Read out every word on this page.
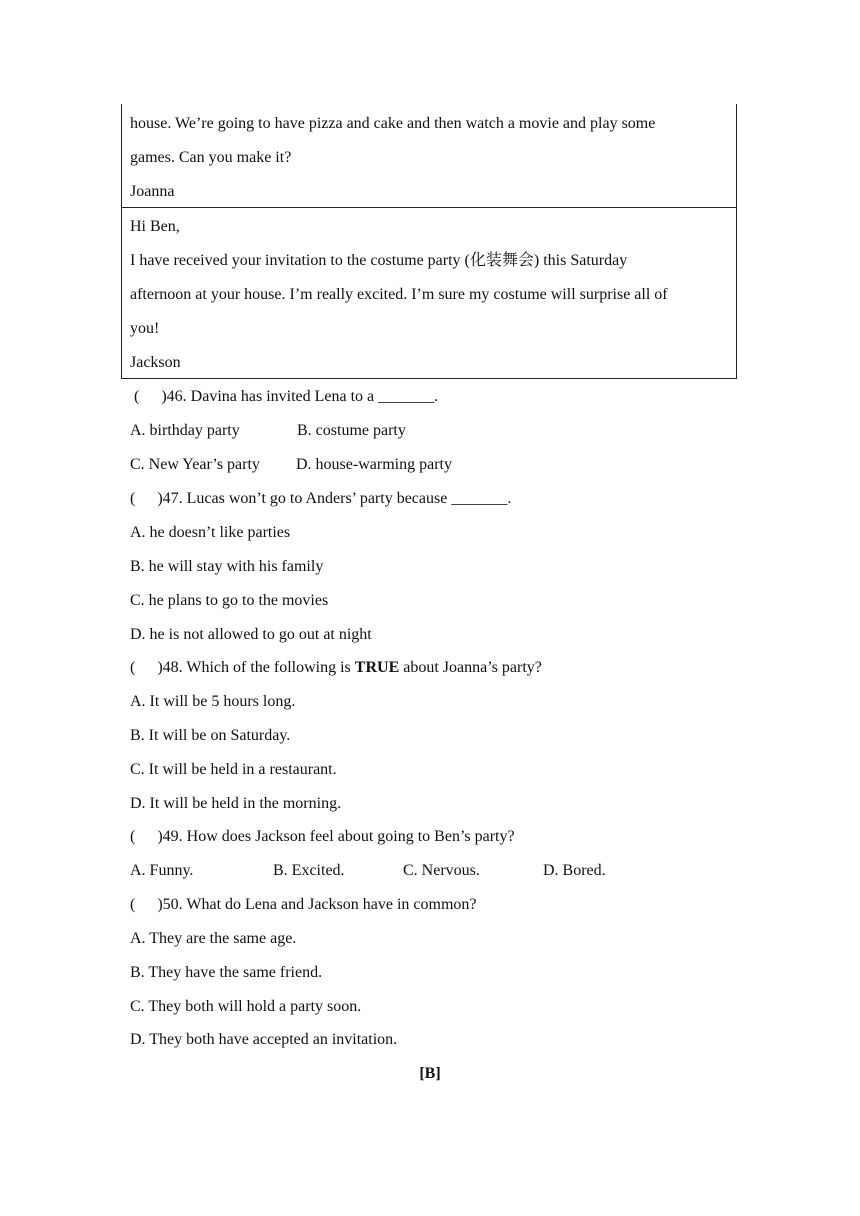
house. We’re going to have pizza and cake and then watch a movie and play some
games. Can you make it?
Joanna
Hi Ben,
I have received your invitation to the costume party (化装舞会) this Saturday
afternoon at your house. I’m really excited. I’m sure my costume will surprise all of
you!
Jackson
( )46. Davina has invited Lena to a _______.
A. birthday party	B. costume party
C. New Year’s party D. house-warming party
( )47. Lucas won’t go to Anders’ party because _______.
A. he doesn’t like parties
B. he will stay with his family
C. he plans to go to the movies
D. he is not allowed to go out at night
( )48. Which of the following is TRUE about Joanna’s party?
A. It will be 5 hours long.
B. It will be on Saturday.
C. It will be held in a restaurant.
D. It will be held in the morning.
( )49. How does Jackson feel about going to Ben’s party?
A. Funny.	B. Excited.	C. Nervous.	D. Bored.
( )50. What do Lena and Jackson have in common?
A. They are the same age.
B. They have the same friend.
C. They both will hold a party soon.
D. They both have accepted an invitation.
[B]
